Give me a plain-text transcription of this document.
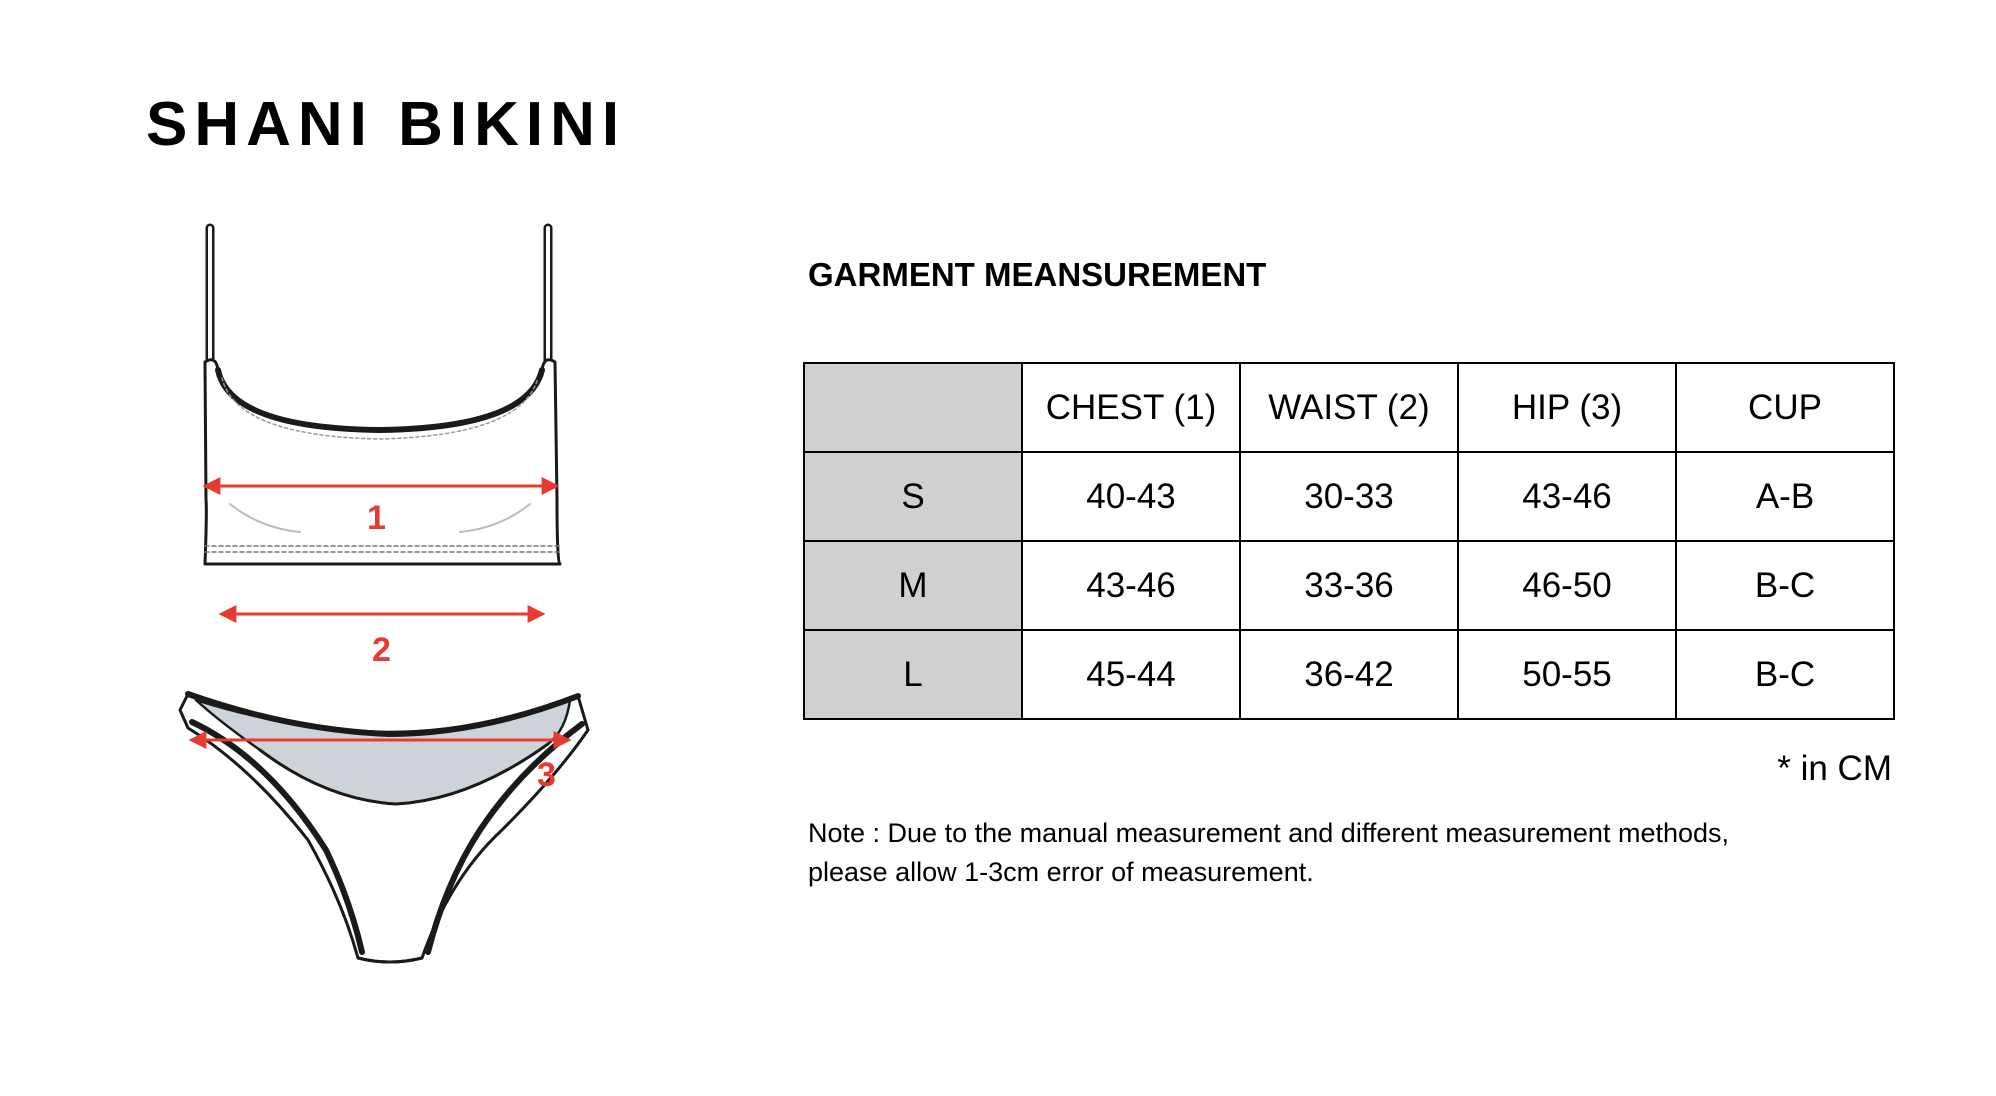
SHANI BIKINI
1
2
3
GARMENT MEANSUREMENT
	CHEST (1)	WAIST (2)	HIP (3)	CUP
S	40-43	30-33	43-46	A-B
M	43-46	33-36	46-50	B-C
L	45-44	36-42	50-55	B-C

* in CM

Note : Due to the manual measurement and different measurement methods,
please allow 1-3cm error of measurement.
